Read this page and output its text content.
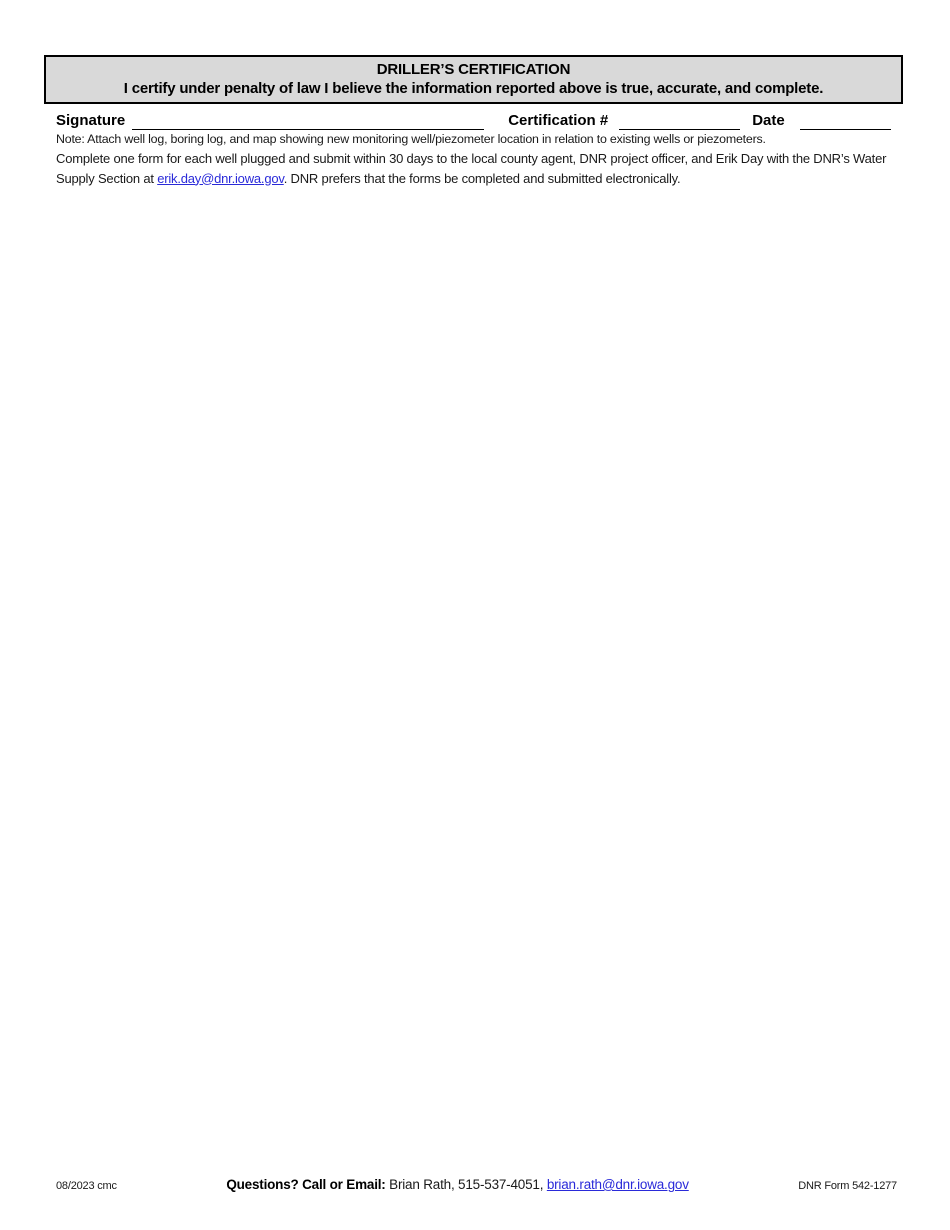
DRILLER’S CERTIFICATION
I certify under penalty of law I believe the information reported above is true, accurate, and complete.
Signature	Certification #	Date
Note: Attach well log, boring log, and map showing new monitoring well/piezometer location in relation to existing wells or piezometers.
Complete one form for each well plugged and submit within 30 days to the local county agent, DNR project officer, and Erik Day with the DNR’s Water Supply Section at erik.day@dnr.iowa.gov. DNR prefers that the forms be completed and submitted electronically.
08/2023 cmc	Questions? Call or Email: Brian Rath, 515-537-4051, brian.rath@dnr.iowa.gov	DNR Form 542-1277
